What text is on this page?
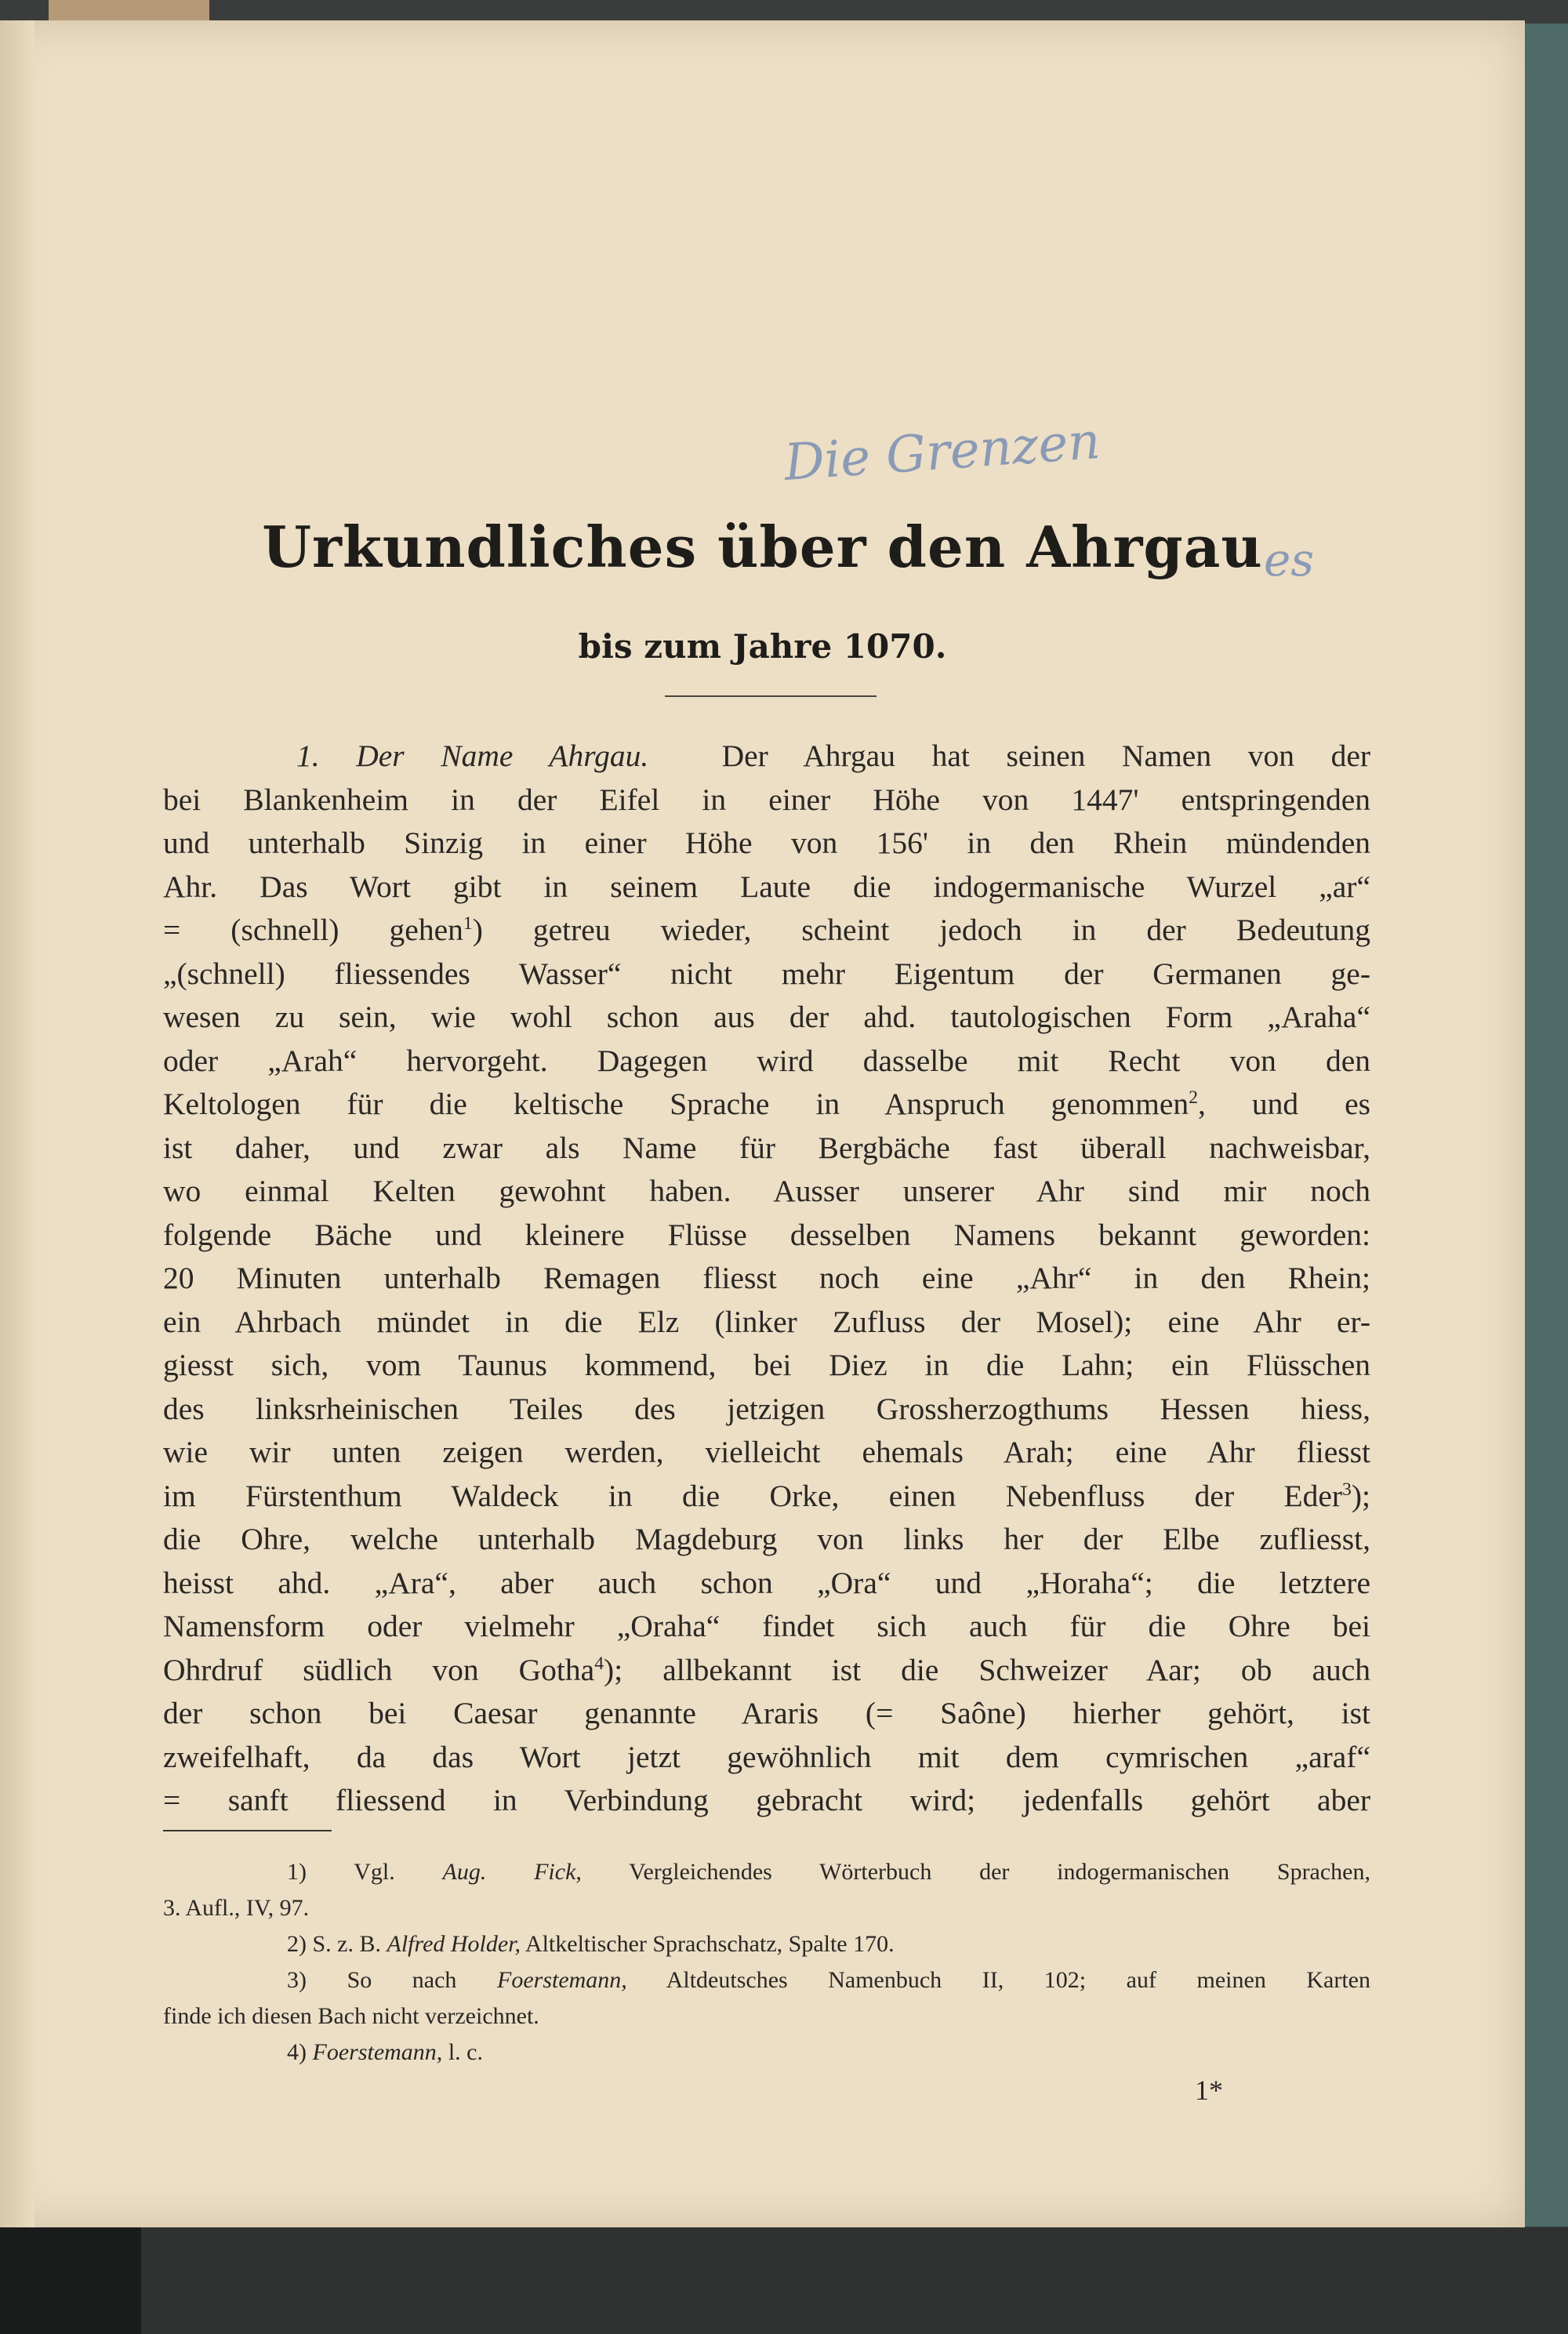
Die Grenzen
es
Urkundliches über den Ahrgau
bis zum Jahre 1070.
1. Der Name Ahrgau. Der Ahrgau hat seinen Namen von der
bei Blankenheim in der Eifel in einer Höhe von 1447' entspringenden
und unterhalb Sinzig in einer Höhe von 156' in den Rhein mündenden
Ahr. Das Wort gibt in seinem Laute die indogermanische Wurzel „ar“
= (schnell) gehen$^1$) getreu wieder, scheint jedoch in der Bedeutung
„(schnell) fliessendes Wasser“ nicht mehr Eigentum der Germanen ge-
wesen zu sein, wie wohl schon aus der ahd. tautologischen Form „Araha“
oder „Arah“ hervorgeht. Dagegen wird dasselbe mit Recht von den
Keltologen für die keltische Sprache in Anspruch genommen$^2$, und es
ist daher, und zwar als Name für Bergbäche fast überall nachweisbar,
wo einmal Kelten gewohnt haben. Ausser unserer Ahr sind mir noch
folgende Bäche und kleinere Flüsse desselben Namens bekannt geworden:
20 Minuten unterhalb Remagen fliesst noch eine „Ahr“ in den Rhein;
ein Ahrbach mündet in die Elz (linker Zufluss der Mosel); eine Ahr er-
giesst sich, vom Taunus kommend, bei Diez in die Lahn; ein Flüsschen
des linksrheinischen Teiles des jetzigen Grossherzogthums Hessen hiess,
wie wir unten zeigen werden, vielleicht ehemals Arah; eine Ahr fliesst
im Fürstenthum Waldeck in die Orke, einen Nebenfluss der Eder$^3$);
die Ohre, welche unterhalb Magdeburg von links her der Elbe zufliesst,
heisst ahd. „Ara“, aber auch schon „Ora“ und „Horaha“; die letztere
Namensform oder vielmehr „Oraha“ findet sich auch für die Ohre bei
Ohrdruf südlich von Gotha$^4$); allbekannt ist die Schweizer Aar; ob auch
der schon bei Caesar genannte Araris (= Saône) hierher gehört, ist
zweifelhaft, da das Wort jetzt gewöhnlich mit dem cymrischen „araf“
= sanft fliessend in Verbindung gebracht wird; jedenfalls gehört aber
1) Vgl. Aug. Fick, Vergleichendes Wörterbuch der indogermanischen Sprachen,
3. Aufl., IV, 97.
2) S. z. B. Alfred Holder, Altkeltischer Sprachschatz, Spalte 170.
3) So nach Foerstemann, Altdeutsches Namenbuch II, 102; auf meinen Karten
finde ich diesen Bach nicht verzeichnet.
4) Foerstemann, l. c.
1*
